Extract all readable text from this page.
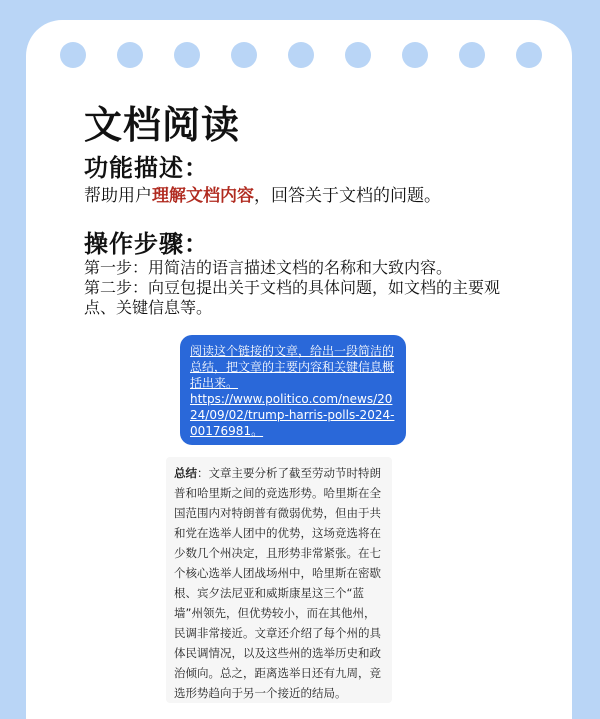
文档阅读
功能描述：
帮助用户理解文档内容，回答关于文档的问题。
操作步骤：
第一步：用简洁的语言描述文档的名称和大致内容。
第二步：向豆包提出关于文档的具体问题，如文档的主要观点、关键信息等。
阅读这个链接的文章，给出一段简洁的总结，把文章的主要内容和关键信息概括出来。
https://www.politico.com/news/2024/09/02/trump-harris-polls-2024-00176981。
总结：文章主要分析了截至劳动节时特朗普和哈里斯之间的竞选形势。哈里斯在全国范围内对特朗普有微弱优势，但由于共和党在选举人团中的优势，这场竞选将在少数几个州决定，且形势非常紧张。在七个核心选举人团战场州中，哈里斯在密歇根、宾夕法尼亚和威斯康星这三个“蓝墙”州领先，但优势较小，而在其他州，民调非常接近。文章还介绍了每个州的具体民调情况，以及这些州的选举历史和政治倾向。总之，距离选举日还有九周，竞选形势趋向于另一个接近的结局。
